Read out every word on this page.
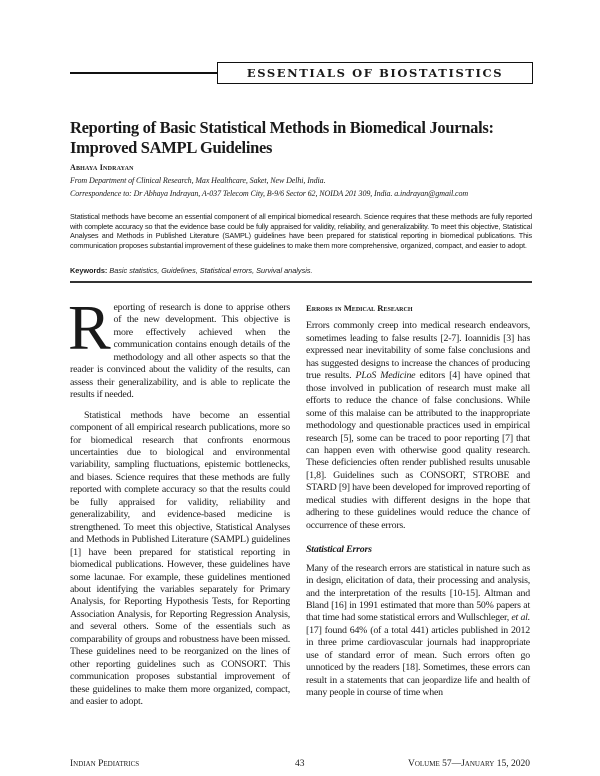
ESSENTIALS OF BIOSTATISTICS
Reporting of Basic Statistical Methods in Biomedical Journals: Improved SAMPL Guidelines
Abhaya Indrayan
From Department of Clinical Research, Max Healthcare, Saket, New Delhi, India.
Correspondence to: Dr Abhaya Indrayan, A-037 Telecom City, B-9/6 Sector 62, NOIDA 201 309, India. a.indrayan@gmail.com
Statistical methods have become an essential component of all empirical biomedical research. Science requires that these methods are fully reported with complete accuracy so that the evidence base could be fully appraised for validity, reliability, and generalizability. To meet this objective, Statistical Analyses and Methods in Published Literature (SAMPL) guidelines have been prepared for statistical reporting in biomedical publications. This communication proposes substantial improvement of these guidelines to make them more comprehensive, organized, compact, and easier to adopt.
Keywords: Basic statistics, Guidelines, Statistical errors, Survival analysis.

Reporting of research is done to apprise others of the new development. This objective is more effectively achieved when the communication contains enough details of the methodology and all other aspects so that the reader is convinced about the validity of the results, can assess their generalizability, and is able to replicate the results if needed.

Statistical methods have become an essential component of all empirical research publications, more so for biomedical research that confronts enormous uncertainties due to biological and environmental variability, sampling fluctuations, epistemic bottlenecks, and biases. Science requires that these methods are fully reported with complete accuracy so that the results could be fully appraised for validity, reliability and generalizability, and evidence-based medicine is strengthened. To meet this objective, Statistical Analyses and Methods in Published Literature (SAMPL) guidelines [1] have been prepared for statistical reporting in biomedical publications. However, these guidelines have some lacunae. For example, these guidelines mentioned about identifying the variables separately for Primary Analysis, for Reporting Hypothesis Tests, for Reporting Association Analysis, for Reporting Regression Analysis, and several others. Some of the essentials such as comparability of groups and robustness have been missed. These guidelines need to be reorganized on the lines of other reporting guidelines such as CONSORT. This communication proposes substantial improvement of these guidelines to make them more organized, compact, and easier to adopt.

Errors in Medical Research

Errors commonly creep into medical research endeavors, sometimes leading to false results [2-7]. Ioannidis [3] has expressed near inevitability of some false conclusions and has suggested designs to increase the chances of producing true results. PLoS Medicine editors [4] have opined that those involved in publication of research must make all efforts to reduce the chance of false conclusions. While some of this malaise can be attributed to the inappropriate methodology and questionable practices used in empirical research [5], some can be traced to poor reporting [7] that can happen even with otherwise good quality research. These deficiencies often render published results unusable [1,8]. Guidelines such as CONSORT, STROBE and STARD [9] have been developed for improved reporting of medical studies with different designs in the hope that adhering to these guidelines would reduce the chance of occurrence of these errors.

Statistical Errors

Many of the research errors are statistical in nature such as in design, elicitation of data, their processing and analysis, and the interpretation of the results [10-15]. Altman and Bland [16] in 1991 estimated that more than 50% papers at that time had some statistical errors and Wullschleger, et al. [17] found 64% (of a total 441) articles published in 2012 in three prime cardiovascular journals had inappropriate use of standard error of mean. Such errors often go unnoticed by the readers [18]. Sometimes, these errors can result in a statements that can jeopardize life and health of many people in course of time when

Indian Pediatrics	43	Volume 57—January 15, 2020
